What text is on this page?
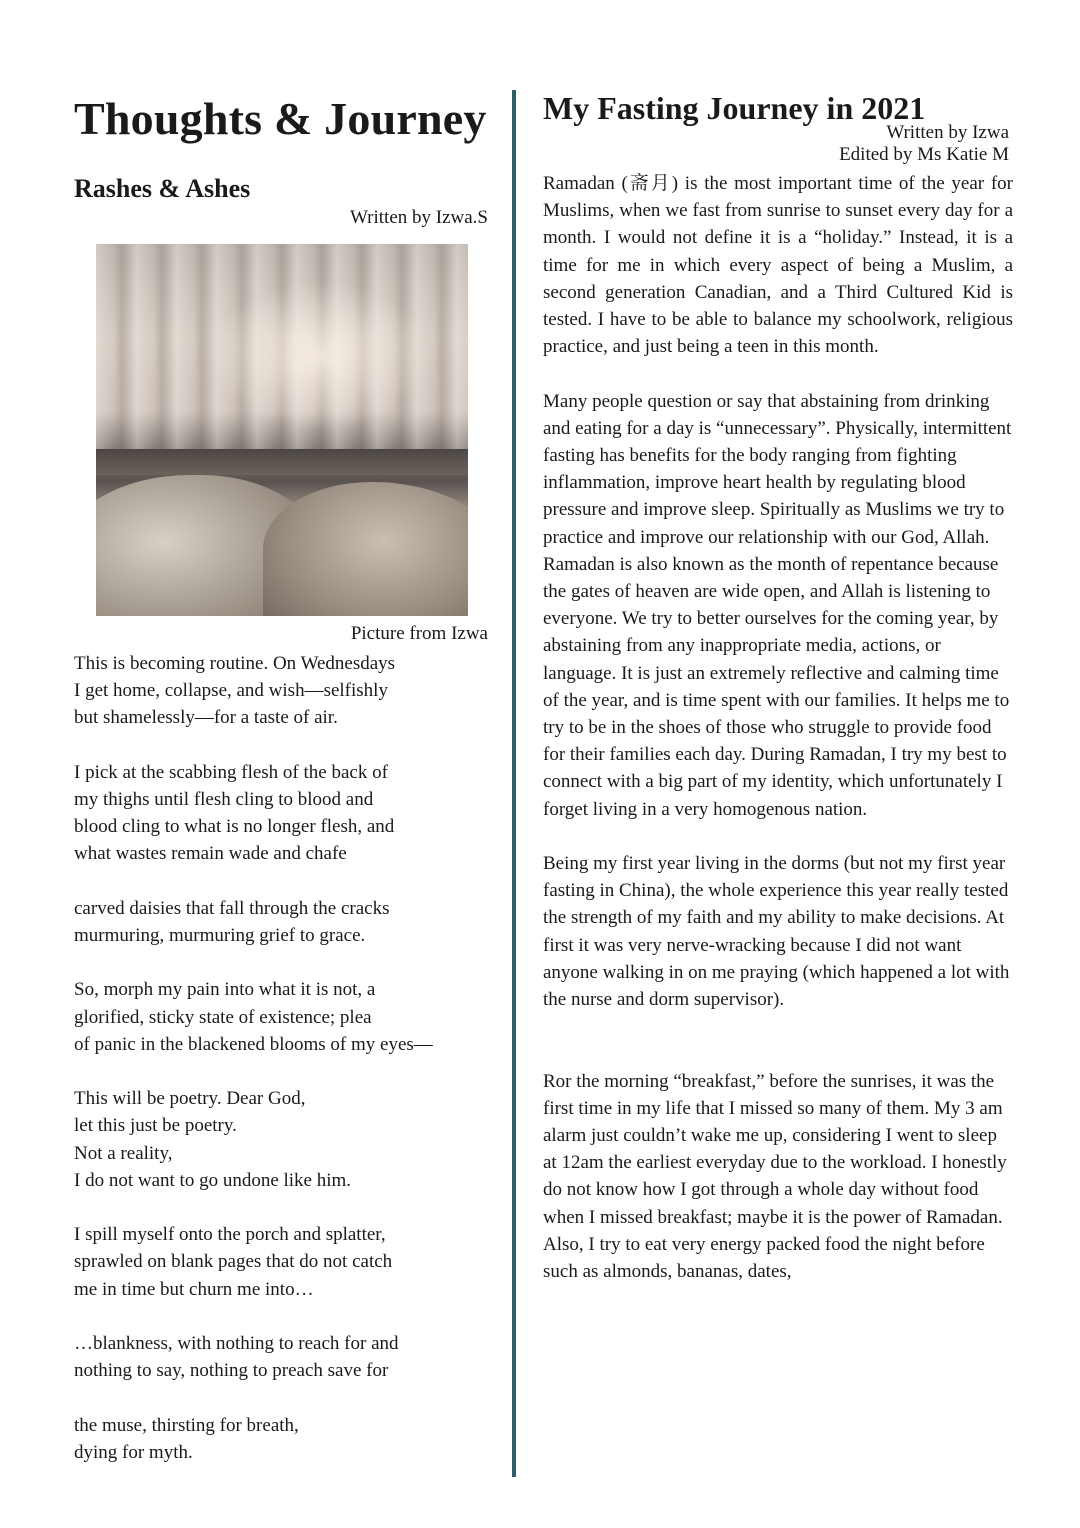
Thoughts & Journey
Rashes & Ashes
Written by Izwa.S
Picture from Izwa
This is becoming routine. On Wednesdays
I get home, collapse, and wish—selfishly
but shamelessly—for a taste of air.
I pick at the scabbing flesh of the back of
my thighs until flesh cling to blood and
blood cling to what is no longer flesh, and
what wastes remain wade and chafe
carved daisies that fall through the cracks
murmuring, murmuring grief to grace.
So, morph my pain into what it is not, a
glorified, sticky state of existence; plea
of panic in the blackened blooms of my eyes—
This will be poetry. Dear God,
let this just be poetry.
Not a reality,
I do not want to go undone like him.
I spill myself onto the porch and splatter,
sprawled on blank pages that do not catch
me in time but churn me into…
…blankness, with nothing to reach for and
nothing to say, nothing to preach save for
the muse, thirsting for breath,
dying for myth.
My Fasting Journey in 2021
Written by Izwa
Edited by Ms Katie M

Ramadan (斋月) is the most important time of the year for Muslims, when we fast from sunrise to sunset every day for a month. I would not define it is a “holiday.” Instead, it is a time for me in which every aspect of being a Muslim, a second generation Canadian, and a Third Cultured Kid is tested. I have to be able to balance my schoolwork, religious practice, and just being a teen in this month.

Many people question or say that abstaining from drinking and eating for a day is “unnecessary”. Physically, intermittent fasting has benefits for the body ranging from fighting inflammation, improve heart health by regulating blood pressure and improve sleep. Spiritually as Muslims we try to practice and improve our relationship with our God, Allah. Ramadan is also known as the month of repentance because the gates of heaven are wide open, and Allah is listening to everyone. We try to better ourselves for the coming year, by abstaining from any inappropriate media, actions, or language. It is just an extremely reflective and calming time of the year, and is time spent with our families. It helps me to try to be in the shoes of those who struggle to provide food for their families each day. During Ramadan, I try my best to connect with a big part of my identity, which unfortunately I forget living in a very homogenous nation.

Being my first year living in the dorms (but not my first year fasting in China), the whole experience this year really tested the strength of my faith and my ability to make decisions. At first it was very nerve-wracking because I did not want anyone walking in on me praying (which happened a lot with the nurse and dorm supervisor).

Ror the morning “breakfast,” before the sunrises, it was the first time in my life that I missed so many of them. My 3 am alarm just couldn’t wake me up, considering I went to sleep at 12am the earliest everyday due to the workload. I honestly do not know how I got through a whole day without food when I missed breakfast; maybe it is the power of Ramadan. Also, I try to eat very energy packed food the night before such as almonds, bananas, dates,
